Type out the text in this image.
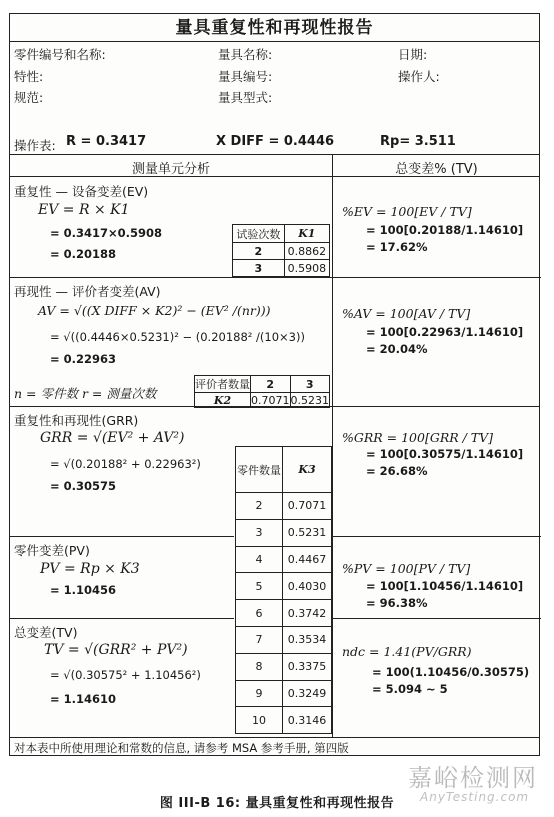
量具重复性和再现性报告
零件编号和名称:	量具名称:	日期:
特性:	量具编号:	操作人:
规范:	量具型式:
操作表: R = 0.3417	X DIFF = 0.4446	Rp= 3.511
测量单元分析	总变差% (TV)
重复性 — 设备变差(EV)
EV = R × K1
= 0.3417×0.5908
= 0.20188
试验次数	K1
2	0.8862
3	0.5908
%EV = 100[EV / TV]
= 100[0.20188/1.14610]
= 17.62%
再现性 — 评价者变差(AV)
AV = √((X DIFF × K2)² − (EV² /(nr)))
= √((0.4446×0.5231)² − (0.20188² /(10×3))
= 0.22963
n = 零件数 r = 测量次数
评价者数量	2	3
K2	0.7071	0.5231
%AV = 100[AV / TV]
= 100[0.22963/1.14610]
= 20.04%
重复性和再现性(GRR)
GRR = √(EV² + AV²)
= √(0.20188² + 0.22963²)
= 0.30575
%GRR = 100[GRR / TV]
= 100[0.30575/1.14610]
= 26.68%
零件变差(PV)
PV = Rp × K3
= 1.10456
%PV = 100[PV / TV]
= 100[1.10456/1.14610]
= 96.38%
总变差(TV)
TV = √(GRR² + PV²)
= √(0.30575² + 1.10456²)
= 1.14610
ndc = 1.41(PV/GRR)
= 100(1.10456/0.30575)
= 5.094 ~ 5
零件数量	K3
2	0.7071
3	0.5231
4	0.4467
5	0.4030
6	0.3742
7	0.3534
8	0.3375
9	0.3249
10	0.3146
对本表中所使用理论和常数的信息, 请参考 MSA 参考手册, 第四版
嘉峪检测网
AnyTesting.com
图 III-B 16: 量具重复性和再现性报告
